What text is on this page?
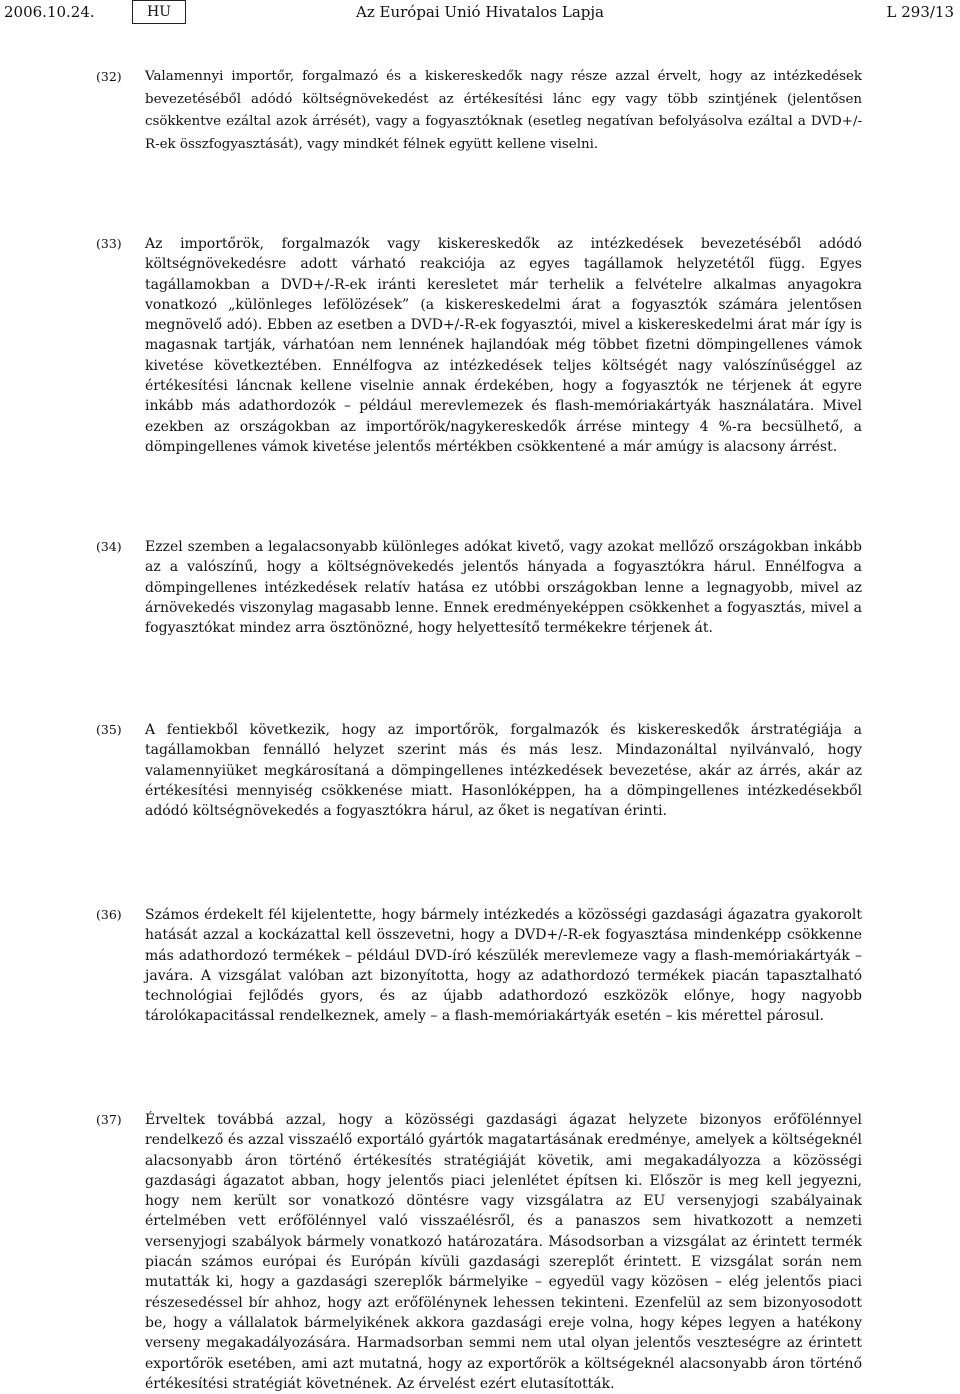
2006.10.24.	HU	Az Európai Unió Hivatalos Lapja	L 293/13
(32) Valamennyi importőr, forgalmazó és a kiskereskedők nagy része azzal érvelt, hogy az intézkedések bevezetéséből adódó költségnövekedést az értékesítési lánc egy vagy több szintjének (jelentősen csökkentve ezáltal azok árrését), vagy a fogyasztóknak (esetleg negatívan befolyásolva ezáltal a DVD+/-R-ek összfogyasztását), vagy mindkét félnek együtt kellene viselni.

(33) Az importőrök, forgalmazók vagy kiskereskedők az intézkedések bevezetéséből adódó költségnövekedésre adott várható reakciója az egyes tagállamok helyzetétől függ. Egyes tagállamokban a DVD+/-R-ek iránti keresletet már terhelik a felvételre alkalmas anyagokra vonatkozó „különleges lefölözések” (a kiskereskedelmi árat a fogyasztók számára jelentősen megnövelő adó). Ebben az esetben a DVD+/-R-ek fogyasztói, mivel a kiskereskedelmi árat már így is magasnak tartják, várhatóan nem lennének hajlandóak még többet fizetni dömpingellenes vámok kivetése következtében. Ennélfogva az intézkedések teljes költségét nagy valószínűséggel az értékesítési láncnak kellene viselnie annak érdekében, hogy a fogyasztók ne térjenek át egyre inkább más adathordozók – például merevlemezek és flash-memóriakártyák használatára. Mivel ezekben az országokban az importőrök/nagykereskedők árrése mintegy 4 %-ra becsülhető, a dömpingellenes vámok kivetése jelentős mértékben csökkentené a már amúgy is alacsony árrést.

(34) Ezzel szemben a legalacsonyabb különleges adókat kivető, vagy azokat mellőző országokban inkább az a valószínű, hogy a költségnövekedés jelentős hányada a fogyasztókra hárul. Ennélfogva a dömpingellenes intézkedések relatív hatása ez utóbbi országokban lenne a legnagyobb, mivel az árnövekedés viszonylag magasabb lenne. Ennek eredményeképpen csökkenhet a fogyasztás, mivel a fogyasztókat mindez arra ösztönözné, hogy helyettesítő termékekre térjenek át.

(35) A fentiekből következik, hogy az importőrök, forgalmazók és kiskereskedők árstratégiája a tagállamokban fennálló helyzet szerint más és más lesz. Mindazonáltal nyilvánvaló, hogy valamennyiüket megkárosítaná a dömpingellenes intézkedések bevezetése, akár az árrés, akár az értékesítési mennyiség csökkenése miatt. Hasonlóképpen, ha a dömpingellenes intézkedésekből adódó költségnövekedés a fogyasztókra hárul, az őket is negatívan érinti.

(36) Számos érdekelt fél kijelentette, hogy bármely intézkedés a közösségi gazdasági ágazatra gyakorolt hatását azzal a kockázattal kell összevetni, hogy a DVD+/-R-ek fogyasztása mindenképp csökkenne más adathordozó termékek – például DVD-író készülék merevlemeze vagy a flash-memóriakártyák – javára. A vizsgálat valóban azt bizonyította, hogy az adathordozó termékek piacán tapasztalható technológiai fejlődés gyors, és az újabb adathordozó eszközök előnye, hogy nagyobb tárolókapacitással rendelkeznek, amely – a flash-memóriakártyák esetén – kis mérettel párosul.

(37) Érveltek továbbá azzal, hogy a közösségi gazdasági ágazat helyzete bizonyos erőfölénnyel rendelkező és azzal visszaélő exportáló gyártók magatartásának eredménye, amelyek a költségeknél alacsonyabb áron történő értékesítés stratégiáját követik, ami megakadályozza a közösségi gazdasági ágazatot abban, hogy jelentős piaci jelenlétet építsen ki. Először is meg kell jegyezni, hogy nem került sor vonatkozó döntésre vagy vizsgálatra az EU versenyjogi szabályainak értelmében vett erőfölénnyel való visszaélésről, és a panaszos sem hivatkozott a nemzeti versenyjogi szabályok bármely vonatkozó határozatára. Másodsorban a vizsgálat az érintett termék piacán számos európai és Európán kívüli gazdasági szereplőt érintett. E vizsgálat során nem mutatták ki, hogy a gazdasági szereplők bármelyike – egyedül vagy közösen – elég jelentős piaci részesedéssel bír ahhoz, hogy azt erőfölénynek lehessen tekinteni. Ezenfelül az sem bizonyosodott be, hogy a vállalatok bármelyikének akkora gazdasági ereje volna, hogy képes legyen a hatékony verseny megakadályozására. Harmadsorban semmi nem utal olyan jelentős veszteségre az érintett exportőrök esetében, ami azt mutatná, hogy az exportőrök a költségeknél alacsonyabb áron történő értékesítési stratégiát követnének. Az érvelést ezért elutasították.
